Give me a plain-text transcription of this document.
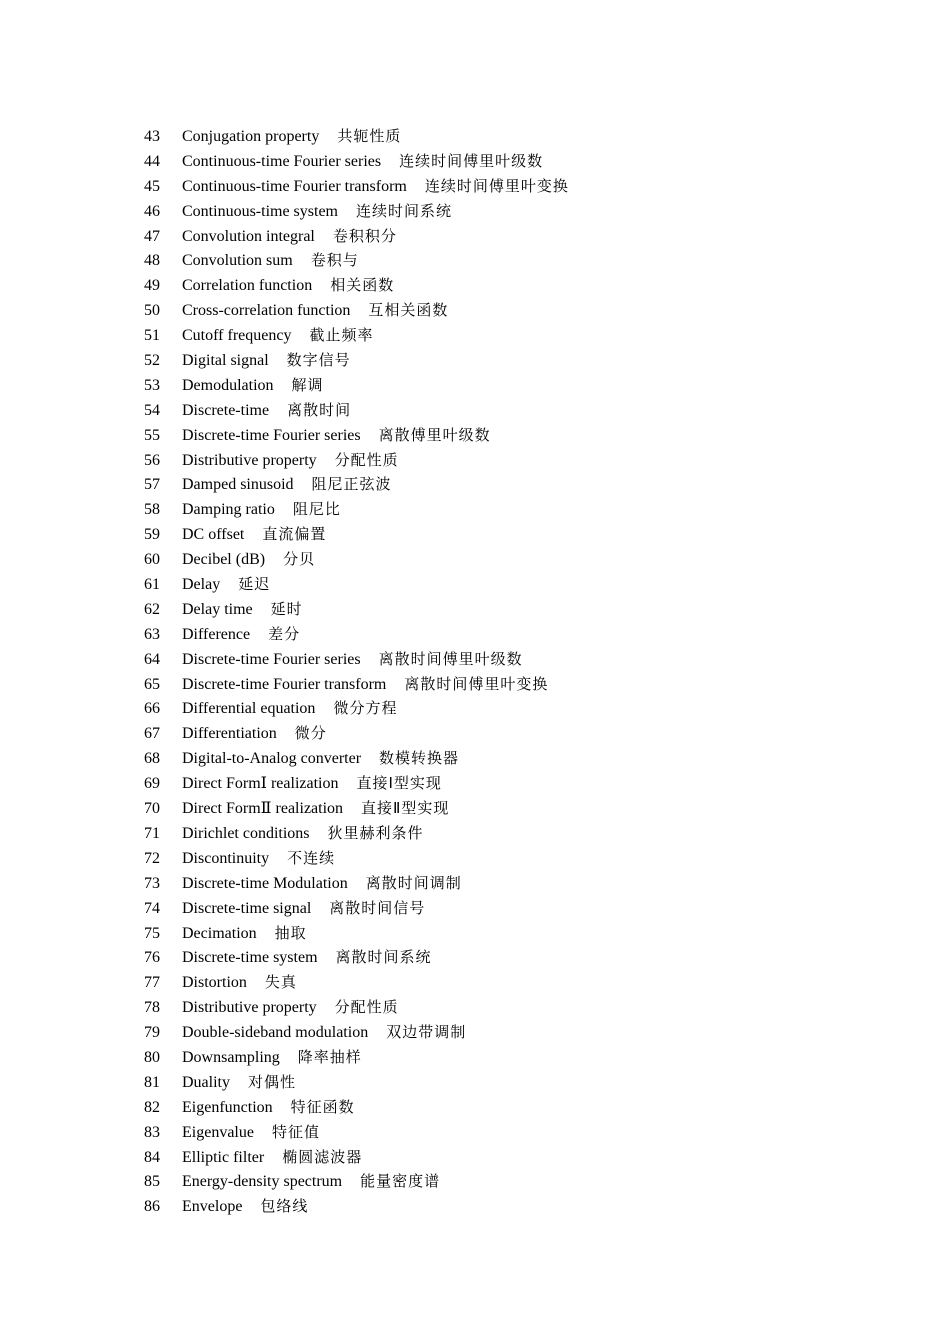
43	Conjugation property 共轭性质
44	Continuous-time Fourier series 连续时间傅里叶级数
45	Continuous-time Fourier transform 连续时间傅里叶变换
46	Continuous-time system 连续时间系统
47	Convolution integral 卷积积分
48	Convolution sum 卷积与
49	Correlation function 相关函数
50	Cross-correlation function 互相关函数
51	Cutoff frequency 截止频率
52	Digital signal 数字信号
53	Demodulation 解调
54	Discrete-time 离散时间
55	Discrete-time Fourier series 离散傅里叶级数
56	Distributive property 分配性质
57	Damped sinusoid 阻尼正弦波
58	Damping ratio 阻尼比
59	DC offset 直流偏置
60	Decibel (dB) 分贝
61	Delay 延迟
62	Delay time 延时
63	Difference 差分
64	Discrete-time Fourier series 离散时间傅里叶级数
65	Discrete-time Fourier transform 离散时间傅里叶变换
66	Differential equation 微分方程
67	Differentiation 微分
68	Digital-to-Analog converter 数模转换器
69	Direct FormⅠ realization 直接Ⅰ型实现
70	Direct FormⅡ realization 直接Ⅱ型实现
71	Dirichlet conditions 狄里赫利条件
72	Discontinuity 不连续
73	Discrete-time Modulation 离散时间调制
74	Discrete-time signal 离散时间信号
75	Decimation 抽取
76	Discrete-time system 离散时间系统
77	Distortion 失真
78	Distributive property 分配性质
79	Double-sideband modulation 双边带调制
80	Downsampling 降率抽样
81	Duality 对偶性
82	Eigenfunction 特征函数
83	Eigenvalue 特征值
84	Elliptic filter 椭圆滤波器
85	Energy-density spectrum 能量密度谱
86	Envelope 包络线
